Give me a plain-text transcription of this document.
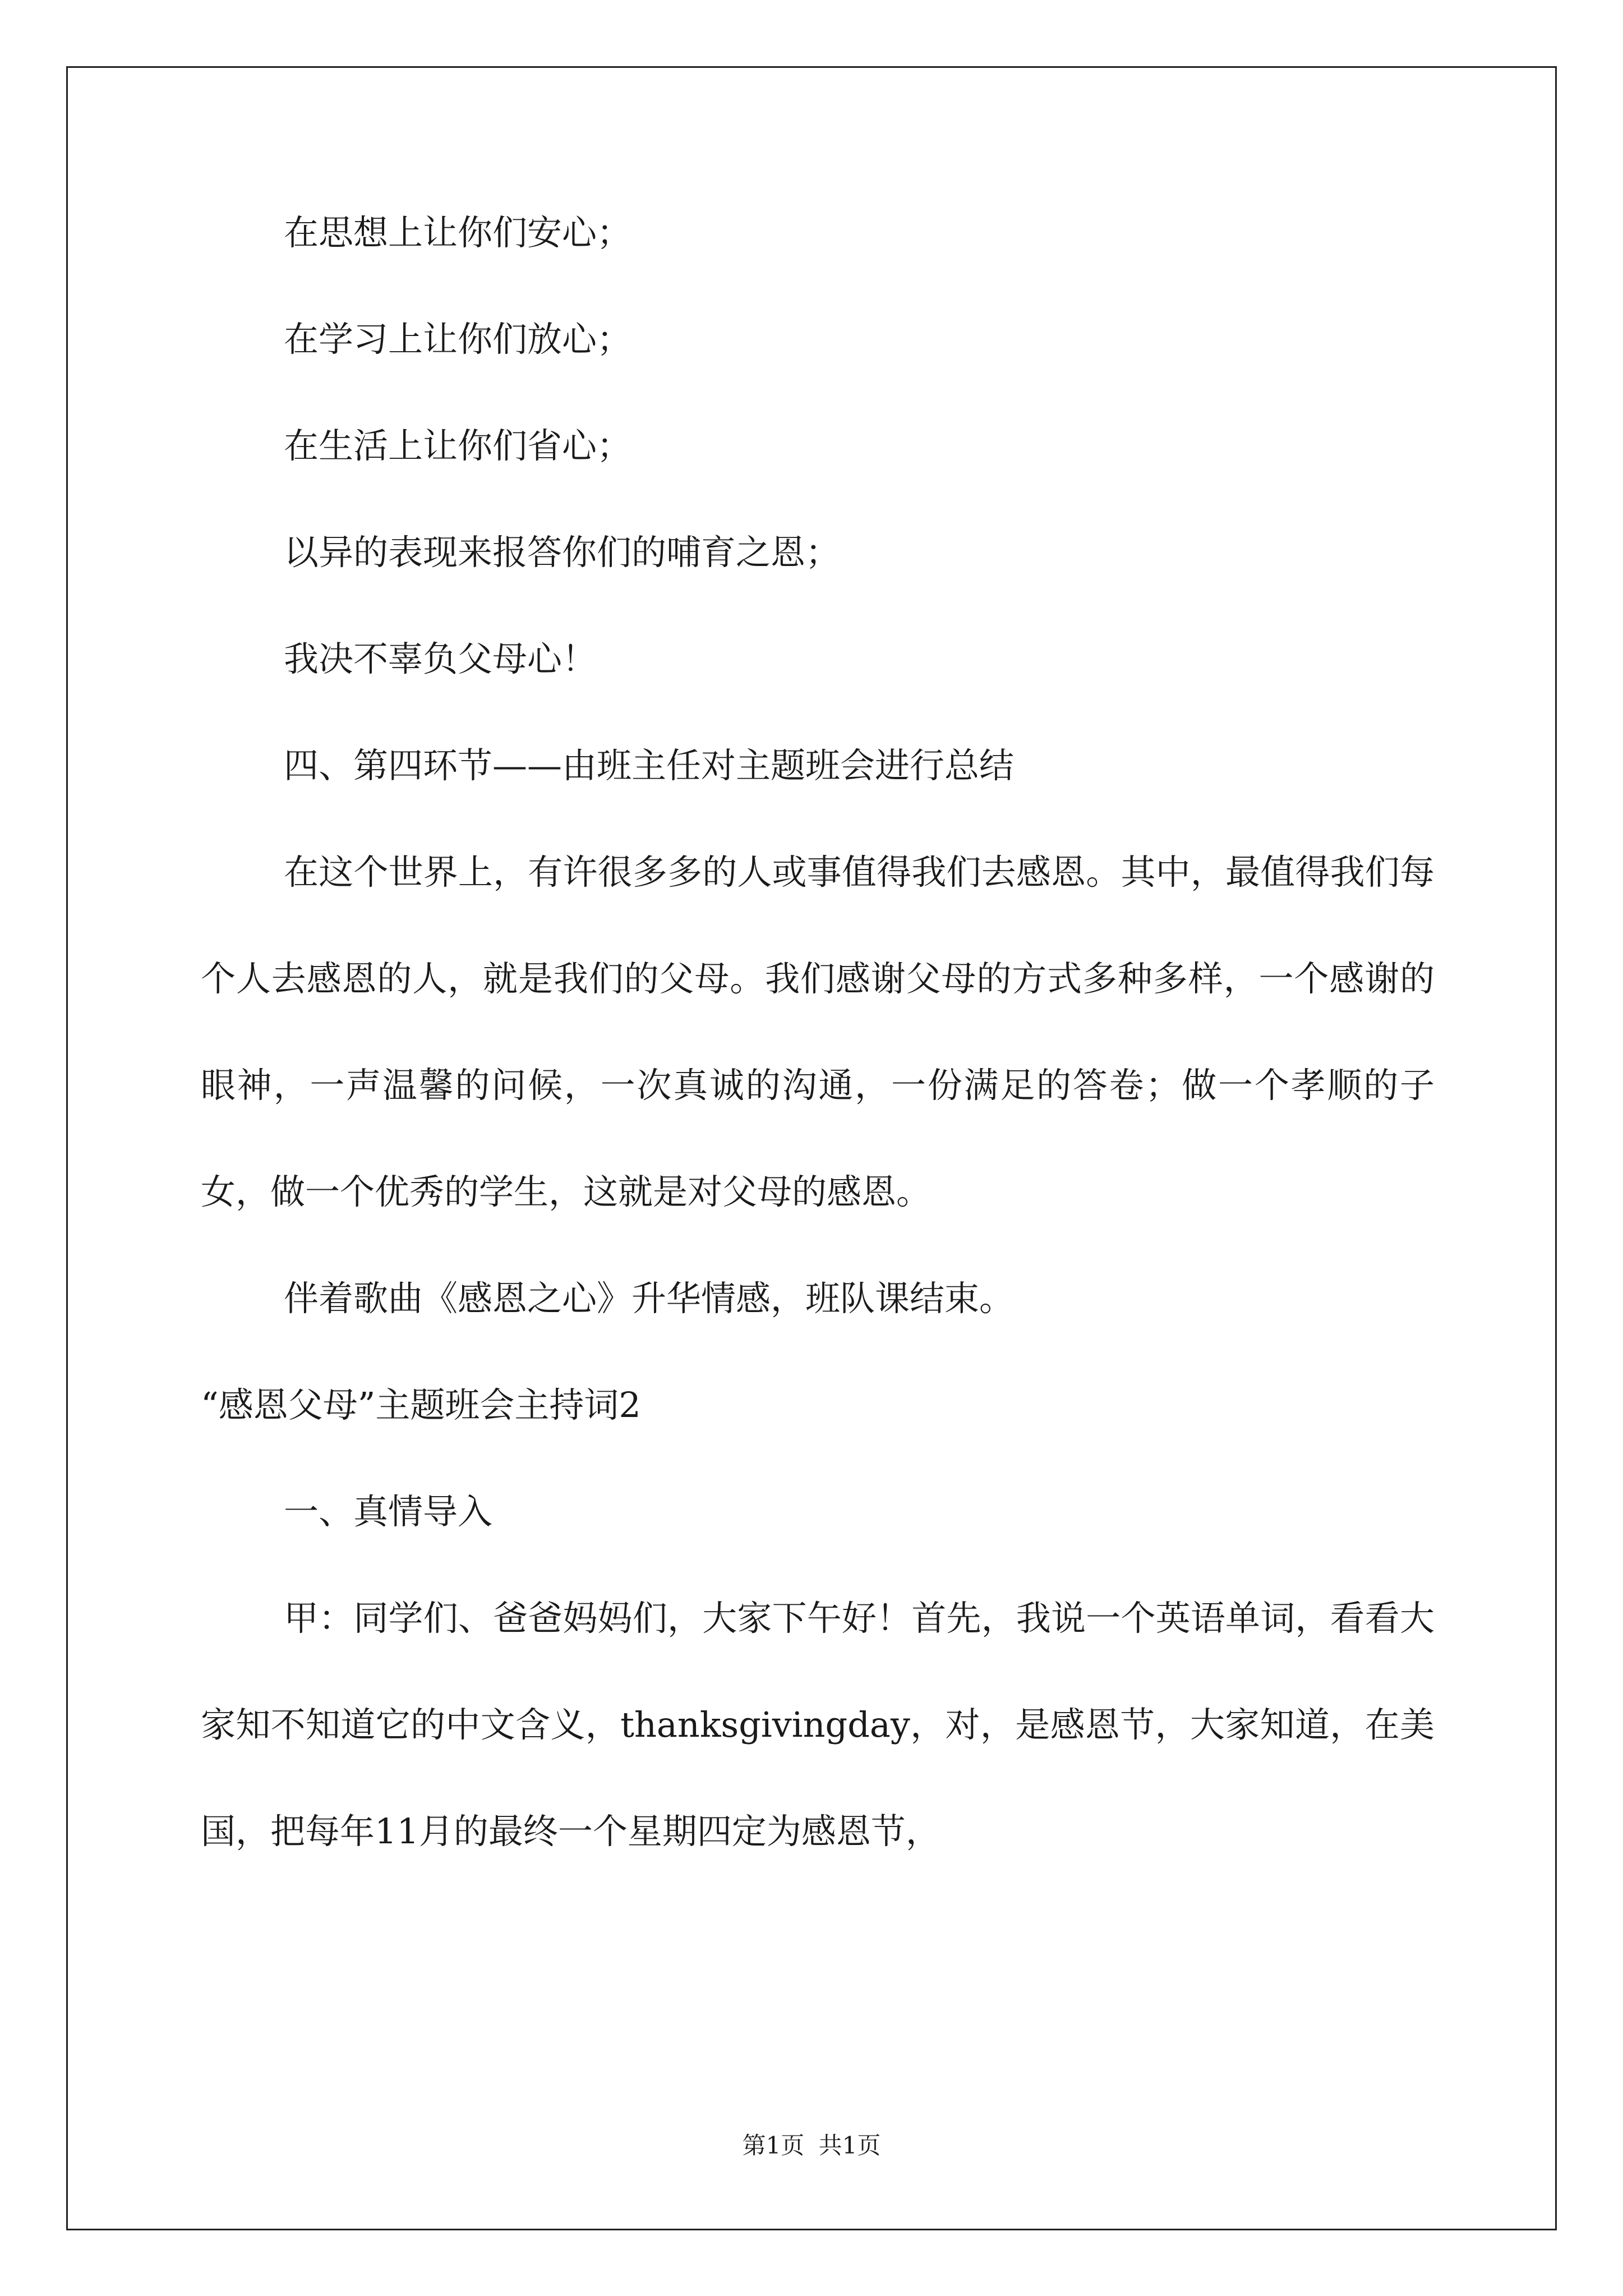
在思想上让你们安心；

在学习上让你们放心；

在生活上让你们省心；

以异的表现来报答你们的哺育之恩；

我决不辜负父母心！

四、第四环节——由班主任对主题班会进行总结

在这个世界上，有许很多多的人或事值得我们去感恩。其中，最值得我们每个人去感恩的人，就是我们的父母。我们感谢父母的方式多种多样，一个感谢的眼神，一声温馨的问候，一次真诚的沟通，一份满足的答卷；做一个孝顺的子女，做一个优秀的学生，这就是对父母的感恩。

伴着歌曲《感恩之心》升华情感，班队课结束。

“感恩父母”主题班会主持词2

一、真情导入

甲：同学们、爸爸妈妈们，大家下午好！首先，我说一个英语单词，看看大家知不知道它的中文含义，thanksgivingday，对，是感恩节，大家知道，在美国，把每年11月的最终一个星期四定为感恩节，

第1页 共1页
